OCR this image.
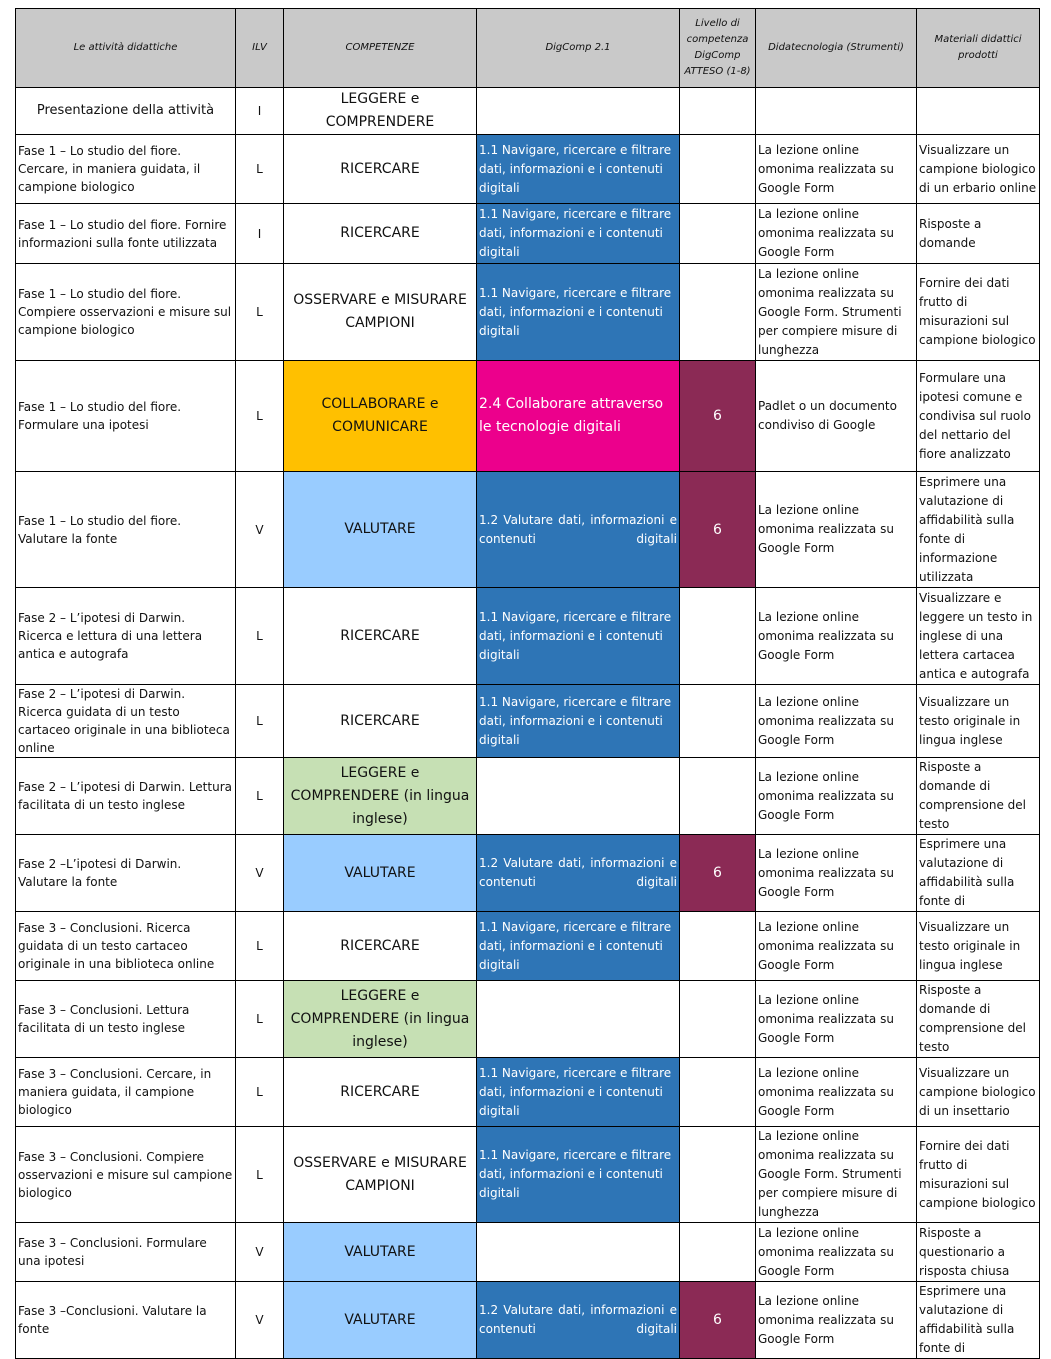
Le attività didattiche	ILV	COMPETENZE	DigComp 2.1	Livello di competenza DigComp ATTESO (1-8)	Didatecnologia (Strumenti)	Materiali didattici prodotti

Presentazione della attività	I	LEGGERE e COMPRENDERE				

Fase 1 – Lo studio del fiore. Cercare, in maniera guidata, il campione biologico	L	RICERCARE	1.1 Navigare, ricercare e filtrare dati, informazioni e i contenuti digitali		La lezione online omonima realizzata su Google Form	Visualizzare un campione biologico di un erbario online

Fase 1 – Lo studio del fiore. Fornire informazioni sulla fonte utilizzata	I	RICERCARE	1.1 Navigare, ricercare e filtrare dati, informazioni e i contenuti digitali		La lezione online omonima realizzata su Google Form	Risposte a domande

Fase 1 – Lo studio del fiore. Compiere osservazioni e misure sul campione biologico	L	OSSERVARE e MISURARE CAMPIONI	1.1 Navigare, ricercare e filtrare dati, informazioni e i contenuti digitali		La lezione online omonima realizzata su Google Form. Strumenti per compiere misure di lunghezza	Fornire dei dati frutto di misurazioni sul campione biologico

Fase 1 – Lo studio del fiore. Formulare una ipotesi	L	COLLABORARE e COMUNICARE	2.4 Collaborare attraverso le tecnologie digitali	6	Padlet o un documento condiviso di Google	Formulare una ipotesi comune e condivisa sul ruolo del nettario del fiore analizzato

Fase 1 – Lo studio del fiore. Valutare la fonte	V	VALUTARE	1.2 Valutare dati, informazioni e contenuti digitali	6	La lezione online omonima realizzata su Google Form	Esprimere una valutazione di affidabilità sulla fonte di informazione utilizzata

Fase 2 – L’ipotesi di Darwin. Ricerca e lettura di una lettera antica e autografa	L	RICERCARE	1.1 Navigare, ricercare e filtrare dati, informazioni e i contenuti digitali		La lezione online omonima realizzata su Google Form	Visualizzare e leggere un testo in inglese di una lettera cartacea antica e autografa

Fase 2 – L’ipotesi di Darwin. Ricerca guidata di un testo cartaceo originale in una biblioteca online	L	RICERCARE	1.1 Navigare, ricercare e filtrare dati, informazioni e i contenuti digitali		La lezione online omonima realizzata su Google Form	Visualizzare un testo originale in lingua inglese

Fase 2 – L’ipotesi di Darwin. Lettura facilitata di un testo inglese	L	LEGGERE e COMPRENDERE (in lingua inglese)			La lezione online omonima realizzata su Google Form	Risposte a domande di comprensione del testo

Fase 2 –L’ipotesi di Darwin. Valutare la fonte	V	VALUTARE	1.2 Valutare dati, informazioni e contenuti digitali	6	La lezione online omonima realizzata su Google Form	Esprimere una valutazione di affidabilità sulla fonte di

Fase 3 – Conclusioni. Ricerca guidata di un testo cartaceo originale in una biblioteca online	L	RICERCARE	1.1 Navigare, ricercare e filtrare dati, informazioni e i contenuti digitali		La lezione online omonima realizzata su Google Form	Visualizzare un testo originale in lingua inglese

Fase 3 – Conclusioni. Lettura facilitata di un testo inglese	L	LEGGERE e COMPRENDERE (in lingua inglese)			La lezione online omonima realizzata su Google Form	Risposte a domande di comprensione del testo

Fase 3 – Conclusioni. Cercare, in maniera guidata, il campione biologico	L	RICERCARE	1.1 Navigare, ricercare e filtrare dati, informazioni e i contenuti digitali		La lezione online omonima realizzata su Google Form	Visualizzare un campione biologico di un insettario

Fase 3 – Conclusioni. Compiere osservazioni e misure sul campione biologico	L	OSSERVARE e MISURARE CAMPIONI	1.1 Navigare, ricercare e filtrare dati, informazioni e i contenuti digitali		La lezione online omonima realizzata su Google Form. Strumenti per compiere misure di lunghezza	Fornire dei dati frutto di misurazioni sul campione biologico

Fase 3 – Conclusioni. Formulare una ipotesi	V	VALUTARE			La lezione online omonima realizzata su Google Form	Risposte a questionario a risposta chiusa

Fase 3 –Conclusioni. Valutare la fonte	V	VALUTARE	1.2 Valutare dati, informazioni e contenuti digitali	6	La lezione online omonima realizzata su Google Form	Esprimere una valutazione di affidabilità sulla fonte di
